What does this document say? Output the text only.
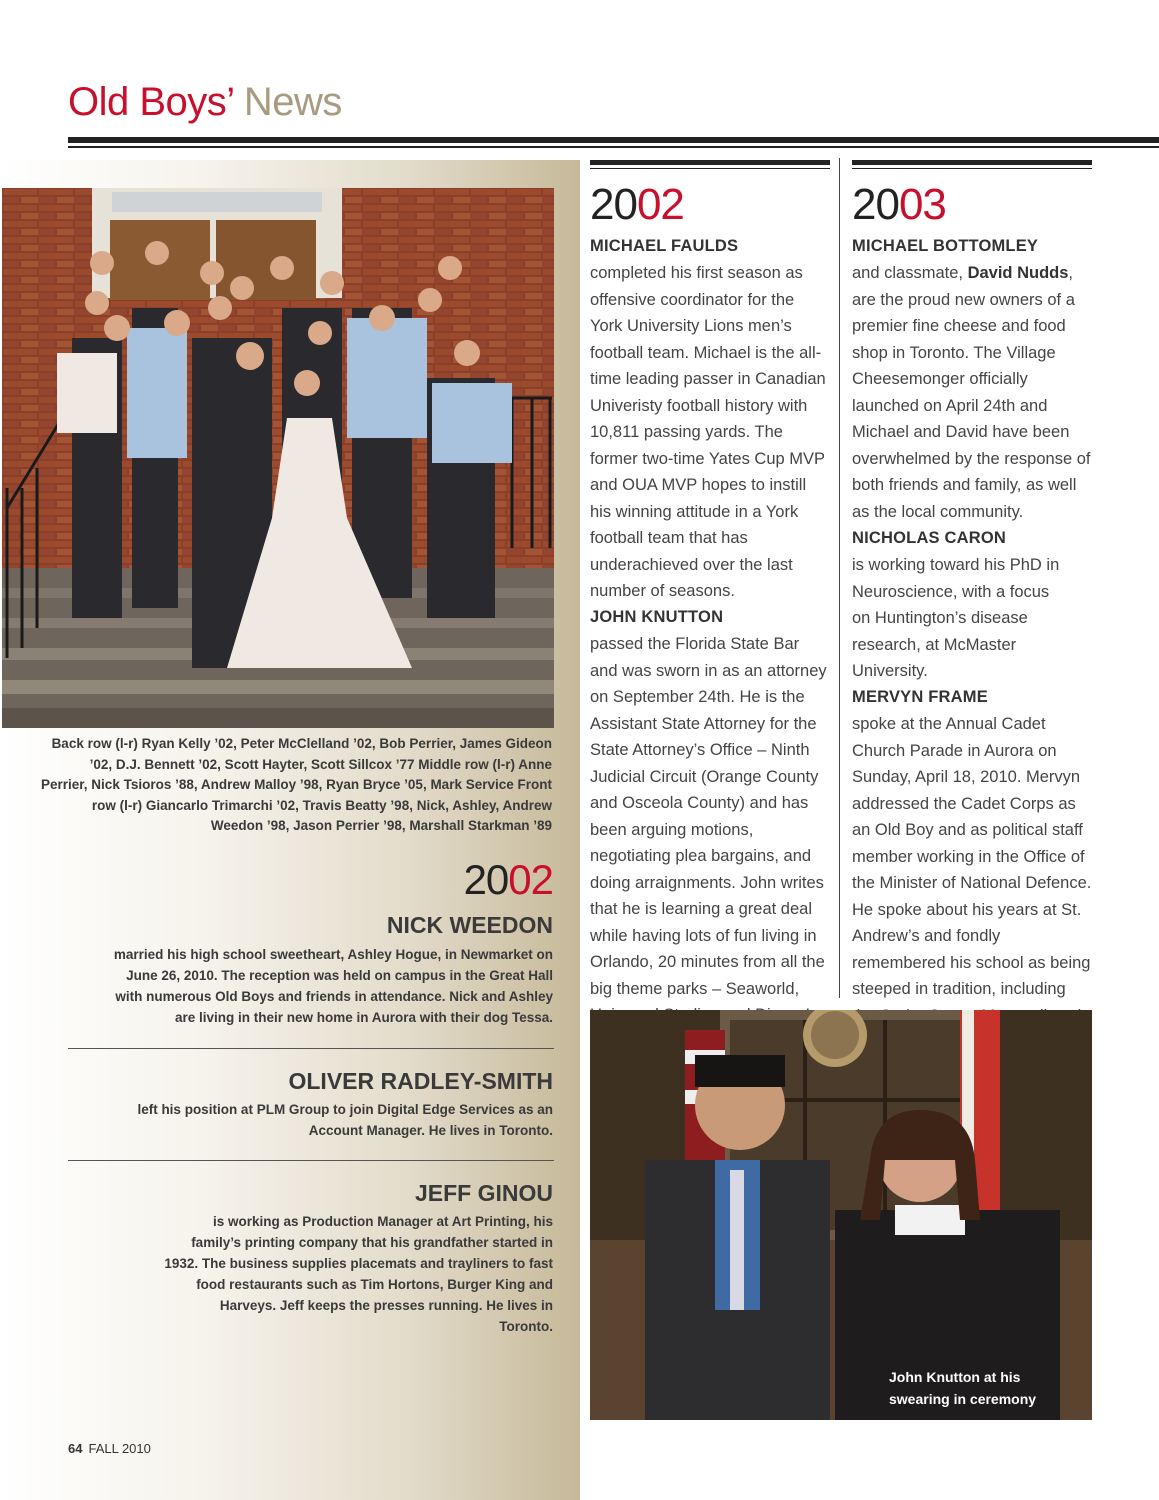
Old Boys’ News
Back row (l-r) Ryan Kelly ’02, Peter McClelland ’02, Bob Perrier, James Gideon ’02, D.J. Bennett ’02, Scott Hayter, Scott Sillcox ’77 Middle row (l-r) Anne Perrier, Nick Tsioros ’88, Andrew Malloy ’98, Ryan Bryce ’05, Mark Service Front row (l-r) Giancarlo Trimarchi ’02, Travis Beatty ’98, Nick, Ashley, Andrew Weedon ’98, Jason Perrier ’98, Marshall Starkman ’89
2002
NICK WEEDON
married his high school sweetheart, Ashley Hogue, in Newmarket on June 26, 2010. The reception was held on campus in the Great Hall with numerous Old Boys and friends in attendance. Nick and Ashley are living in their new home in Aurora with their dog Tessa.
OLIVER RADLEY-SMITH
left his position at PLM Group to join Digital Edge Services as an Account Manager. He lives in Toronto.
JEFF GINOU
is working as Production Manager at Art Printing, his family’s printing company that his grandfather started in 1932. The business supplies placemats and trayliners to fast food restaurants such as Tim Hortons, Burger King and Harveys. Jeff keeps the presses running. He lives in Toronto.
2002
MICHAEL FAULDS
completed his first season as offensive coordinator for the York University Lions men’s football team. Michael is the all-time leading passer in Canadian Univeristy football history with 10,811 passing yards. The former two-time Yates Cup MVP and OUA MVP hopes to instill his winning attitude in a York football team that has underachieved over the last number of seasons.
JOHN KNUTTON
passed the Florida State Bar and was sworn in as an attorney on September 24th. He is the Assistant State Attorney for the State Attorney’s Office – Ninth Judicial Circuit (Orange County and Osceola County) and has been arguing motions, negotiating plea bargains, and doing arraignments. John writes that he is learning a great deal while having lots of fun living in Orlando, 20 minutes from all the big theme parks – Seaworld,
2003
MICHAEL BOTTOMLEY
and classmate, David Nudds, are the proud new owners of a premier fine cheese and food shop in Toronto. The Village Cheesemonger officially launched on April 24th and Michael and David have been overwhelmed by the response of both friends and family, as well as the local community.
NICHOLAS CARON
is working toward his PhD in Neuroscience, with a focus on Huntington’s disease research, at McMaster University.
MERVYN FRAME
spoke at the Annual Cadet Church Parade in Aurora on Sunday, April 18, 2010. Mervyn addressed the Cadet Corps as an Old Boy and as political staff member working in the Office of the Minister of National Defence. He spoke about his years at St. Andrew’s and fondly remembered his school as being steeped in tradition, including
John Knutton at his
swearing in ceremony
64 FALL 2010
